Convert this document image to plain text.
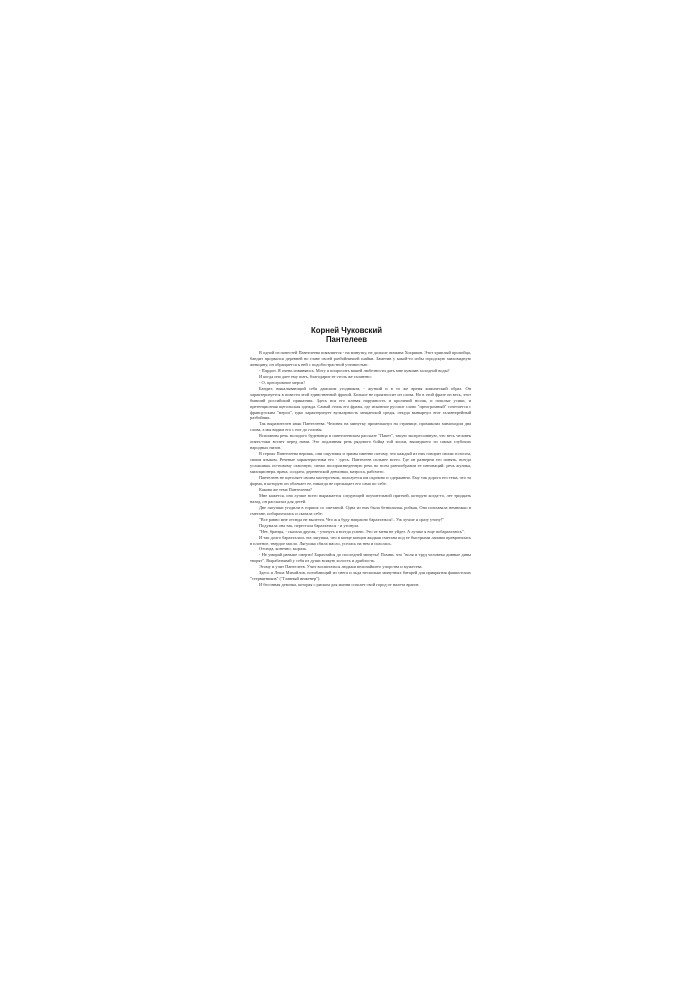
Корней Чуковский
Пантелеев

В одной из повестей Пантелеева появляется - на минутку, не дольше атамана Хохряков. Этот хриплый пропойца, бандит прорвался деревней во главе своей разбойничьей шайки. Заметив у какой-то избы городскую миловидную женщину, он обращается к ней с подобострастной учтивостью:

- Пардон. Я очень извиняюсь. Могу я попросить вашей любезности дать мне кувшин холодной воды?

И когда она дает ему пить, благодарит ее столь же галантно:

- О, преогромное мерси!

Бандит, выкалывающий себя дамским угодником, - жуткий и в то же время комический образ. Он характеризуется в повести этой единственной фразой. Больше не произносит он слова. Но в этой фразе он весь, этот бывший российский приказчик. Здесь вся его плевая наружность и кроличий носик, и пошлые усики, и претенциозная щегольская одежда. Самый стиль его фразы, где исконное русское слово "преогромный" сочетается с французским "мерси", едко характеризует вульгарность мещанской среды, откуда вынырнул этот галантерейный разбойник.

Так выразителен язык Пантелеева. Человек на минутку промелькнул на странице, промямлил мимоходом два слова, а мы видим его с ног до головы.

Вспомним речь молодого буденовца в пантелеевском рассказе "Пакет", такую экспрессивную, что весь человек опять-таки встает перед нами. Это подлинная речь рядового бойца той эпохи, вышедшего из самых глубоких народных низов.

В героях Пантелеева веришь, они ощутимы и зримы именно потому, что каждый из них говорит своим голосом, своим языком. Речевые характеристики его - здесь. Пантелеев сильнее всего. Где он разверни его понять, всегда услышишь по-новому сквозную, свежо воспроизведенную речь во всем разнообразии ее интонаций: речь жулика, милиционера, врача, солдата, деревенской девчонки, матроса, рабочего.

Пантелеев не щеголяет своим мастерством, пользуется им скромно и сдержанно. Ему так дорога его тема, что та форма, в которую он облекает ее, никогда не прельщает его сама по себе.

Какова же тема Пантелеева?

Мне кажется, она лучше всего выражается следующей поучительной притчей, которую когда-то, лет тридцать назад, он рассказал для детей.

Две лягушки угодили в горшок со сметаной. Одна из них была безвольная, робкая. Она поплавала немножко в сметане, побарахталась и сказала себе:

"Все равно мне отсюда не вылезти. Что ж я буду напрасно барахтаться!.. Уж лучше я сразу утону!"

Подумала она так, перестала барахтаться - и утонула.

"Нет, братцы, - сказала другая, - утонуть я всегда успею. Это от меня не уйдет. А лучше я еще побарахтаюсь".

И так долго барахталась эта лягушка, что в конце концов жидкая сметана под ее быстрыми лапами превратилась в плотное, твердое масло. Лягушка сбила масло, уселась на нем и спаслась.

Отсюда, конечно, мораль.

- Не умирай раньше смерти! Барахтайся до последней минуты! Помни, что "воля и труд человека дивные дивы творят". Вырабатывай у себя из души всякую холость и дряблость.

Этому и учит Пантелеев. Учит воспитаться людьми величайшего упорства и мужества.

Здесь и Леша Михайлов, погибающий из снега и льда несколько минутных батарей для прикрытия фашистских "стервятников" ("Главный инженер").

И бесонная девочка, которая с риском для жизни спасает свой город от налета врагов
